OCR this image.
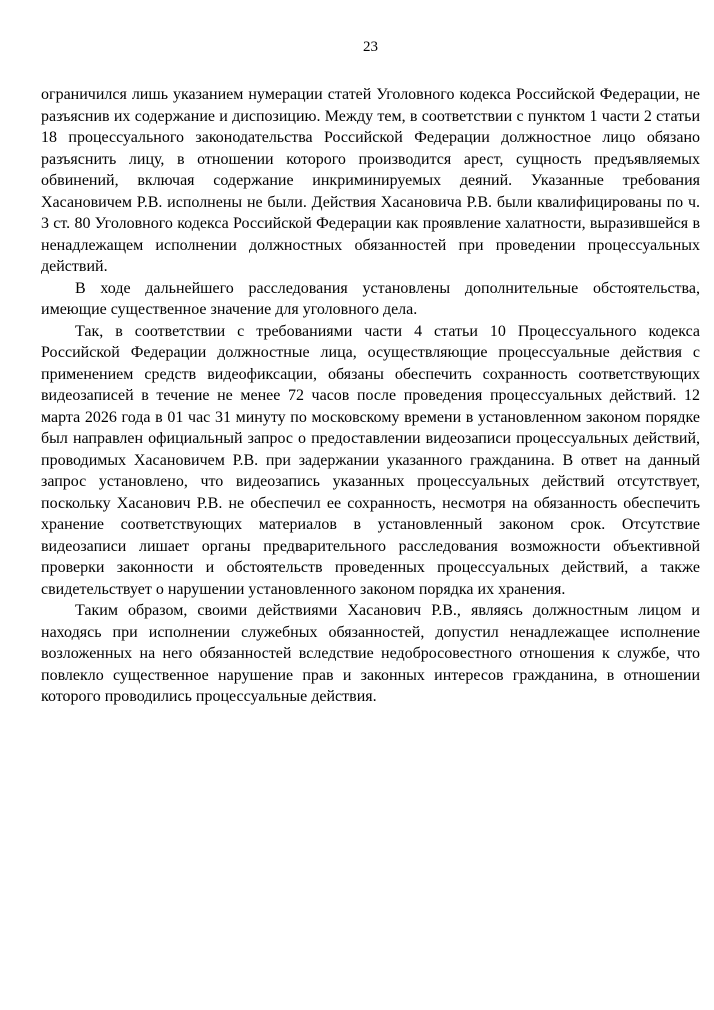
23

ограничился лишь указанием нумерации статей Уголовного кодекса Российской Федерации, не разъяснив их содержание и диспозицию. Между тем, в соответствии с пунктом 1 части 2 статьи 18 процессуального законодательства Российской Федерации должностное лицо обязано разъяснить лицу, в отношении которого производится арест, сущность предъявляемых обвинений, включая содержание инкриминируемых деяний. Указанные требования Хасановичем Р.В. исполнены не были. Действия Хасановича Р.В. были квалифицированы по ч. 3 ст. 80 Уголовного кодекса Российской Федерации как проявление халатности, выразившейся в ненадлежащем исполнении должностных обязанностей при проведении процессуальных действий.

В ходе дальнейшего расследования установлены дополнительные обстоятельства, имеющие существенное значение для уголовного дела.

Так, в соответствии с требованиями части 4 статьи 10 Процессуального кодекса Российской Федерации должностные лица, осуществляющие процессуальные действия с применением средств видеофиксации, обязаны обеспечить сохранность соответствующих видеозаписей в течение не менее 72 часов после проведения процессуальных действий. 12 марта 2026 года в 01 час 31 минуту по московскому времени в установленном законом порядке был направлен официальный запрос о предоставлении видеозаписи процессуальных действий, проводимых Хасановичем Р.В. при задержании указанного гражданина. В ответ на данный запрос установлено, что видеозапись указанных процессуальных действий отсутствует, поскольку Хасанович Р.В. не обеспечил ее сохранность, несмотря на обязанность обеспечить хранение соответствующих материалов в установленный законом срок. Отсутствие видеозаписи лишает органы предварительного расследования возможности объективной проверки законности и обстоятельств проведенных процессуальных действий, а также свидетельствует о нарушении установленного законом порядка их хранения.

Таким образом, своими действиями Хасанович Р.В., являясь должностным лицом и находясь при исполнении служебных обязанностей, допустил ненадлежащее исполнение возложенных на него обязанностей вследствие недобросовестного отношения к службе, что повлекло существенное нарушение прав и законных интересов гражданина, в отношении которого проводились процессуальные действия.
